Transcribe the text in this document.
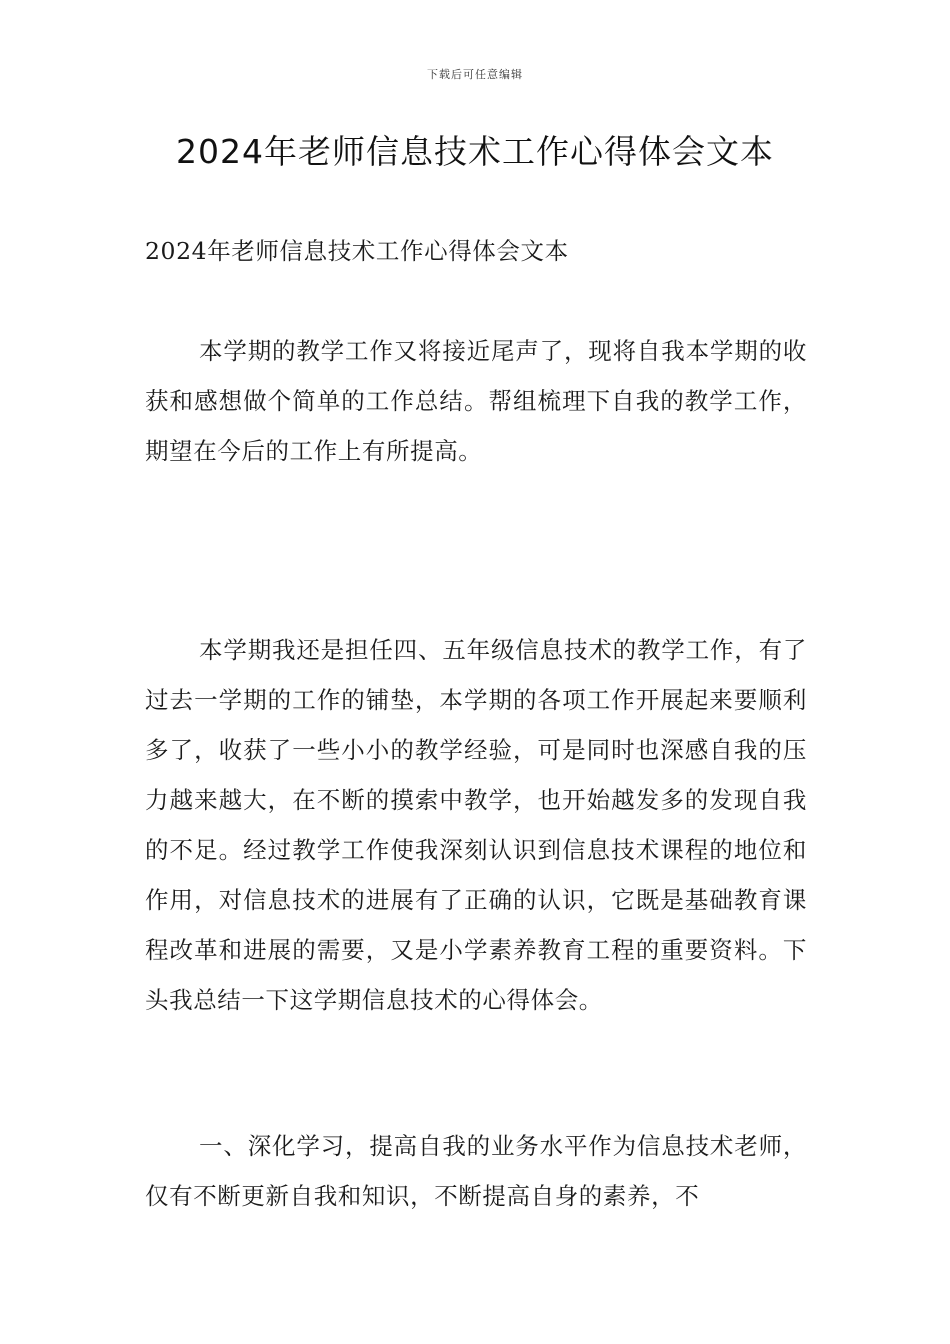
下载后可任意编辑
2024年老师信息技术工作心得体会文本

2024年老师信息技术工作心得体会文本

本学期的教学工作又将接近尾声了，现将自我本学期的收获和感想做个简单的工作总结。帮组梳理下自我的教学工作，期望在今后的工作上有所提高。

本学期我还是担任四、五年级信息技术的教学工作，有了过去一学期的工作的铺垫，本学期的各项工作开展起来要顺利多了，收获了一些小小的教学经验，可是同时也深感自我的压力越来越大，在不断的摸索中教学，也开始越发多的发现自我的不足。经过教学工作使我深刻认识到信息技术课程的地位和作用，对信息技术的进展有了正确的认识，它既是基础教育课程改革和进展的需要，又是小学素养教育工程的重要资料。下头我总结一下这学期信息技术的心得体会。

一、深化学习，提高自我的业务水平作为信息技术老师，仅有不断更新自我和知识，不断提高自身的素养，不
